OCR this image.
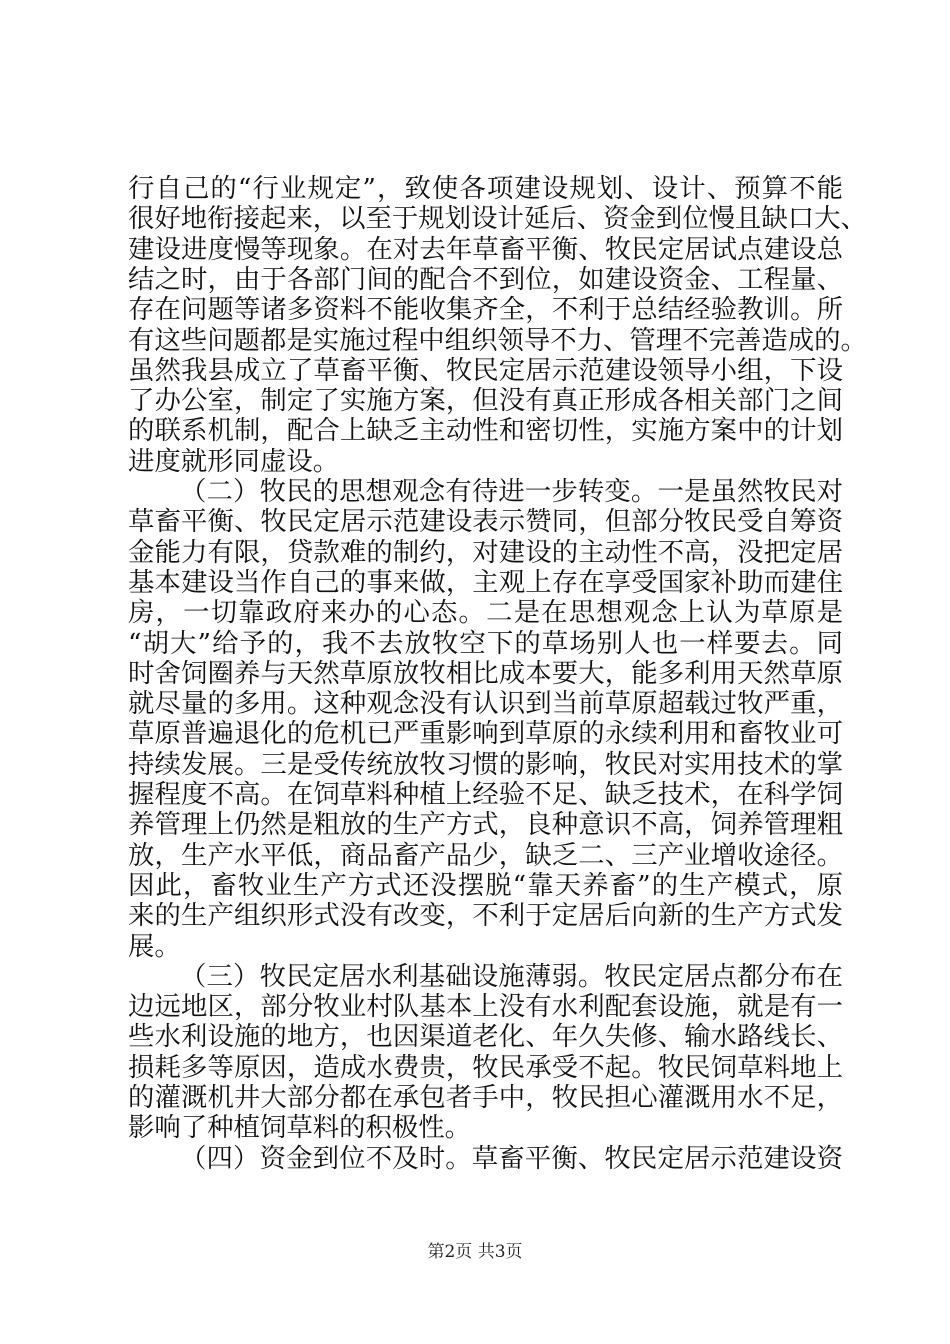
行自己的“行业规定”，致使各项建设规划、设计、预算不能
很好地衔接起来，以至于规划设计延后、资金到位慢且缺口大、
建设进度慢等现象。在对去年草畜平衡、牧民定居试点建设总
结之时，由于各部门间的配合不到位，如建设资金、工程量、
存在问题等诸多资料不能收集齐全，不利于总结经验教训。所
有这些问题都是实施过程中组织领导不力、管理不完善造成的。
虽然我县成立了草畜平衡、牧民定居示范建设领导小组，下设
了办公室，制定了实施方案，但没有真正形成各相关部门之间
的联系机制，配合上缺乏主动性和密切性，实施方案中的计划
进度就形同虚设。
（二）牧民的思想观念有待进一步转变。一是虽然牧民对
草畜平衡、牧民定居示范建设表示赞同，但部分牧民受自筹资
金能力有限，贷款难的制约，对建设的主动性不高，没把定居
基本建设当作自己的事来做，主观上存在享受国家补助而建住
房，一切靠政府来办的心态。二是在思想观念上认为草原是
“胡大”给予的，我不去放牧空下的草场别人也一样要去。同
时舍饲圈养与天然草原放牧相比成本要大，能多利用天然草原
就尽量的多用。这种观念没有认识到当前草原超载过牧严重，
草原普遍退化的危机已严重影响到草原的永续利用和畜牧业可
持续发展。三是受传统放牧习惯的影响，牧民对实用技术的掌
握程度不高。在饲草料种植上经验不足、缺乏技术，在科学饲
养管理上仍然是粗放的生产方式，良种意识不高，饲养管理粗
放，生产水平低，商品畜产品少，缺乏二、三产业增收途径。
因此，畜牧业生产方式还没摆脱“靠天养畜”的生产模式，原
来的生产组织形式没有改变，不利于定居后向新的生产方式发
展。
（三）牧民定居水利基础设施薄弱。牧民定居点都分布在
边远地区，部分牧业村队基本上没有水利配套设施，就是有一
些水利设施的地方，也因渠道老化、年久失修、输水路线长、
损耗多等原因，造成水费贵，牧民承受不起。牧民饲草料地上
的灌溉机井大部分都在承包者手中，牧民担心灌溉用水不足，
影响了种植饲草料的积极性。
（四）资金到位不及时。草畜平衡、牧民定居示范建设资
第2页 共3页
